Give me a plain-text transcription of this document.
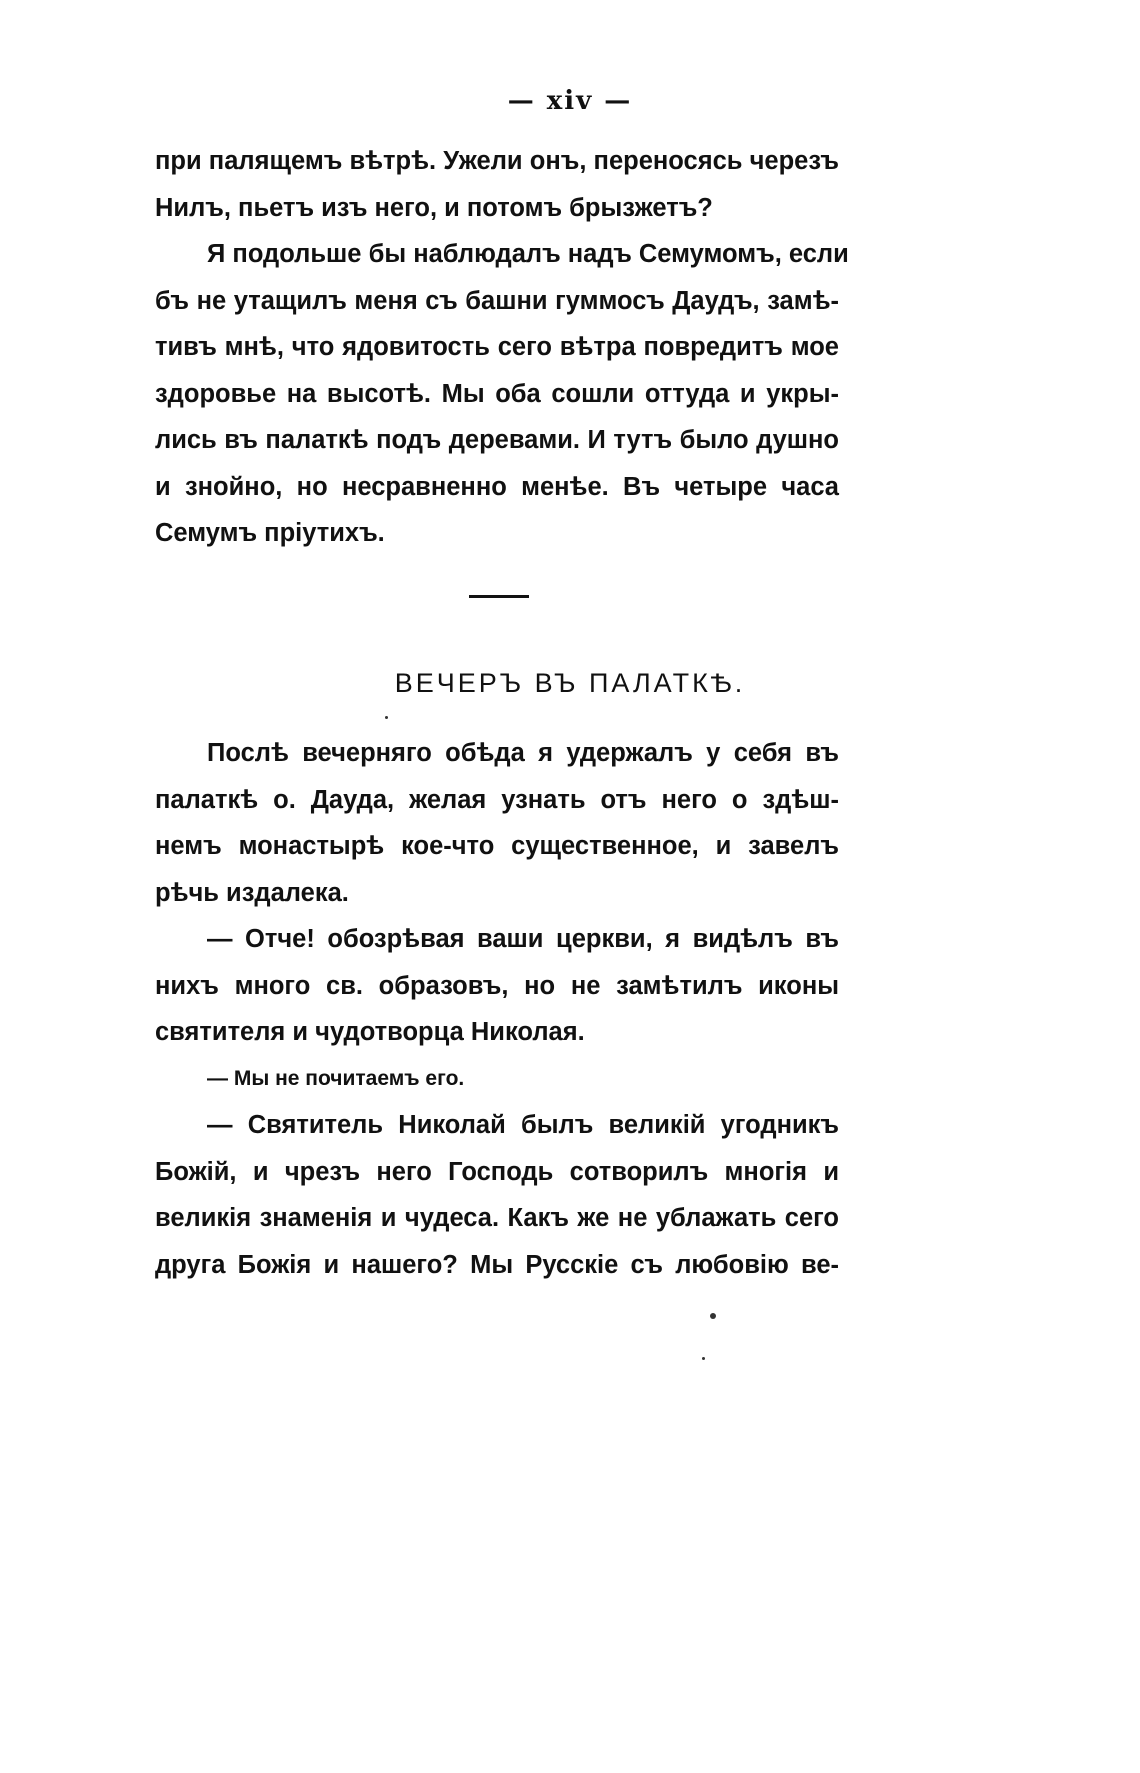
— xiv —

при палящемъ вѣтрѣ. Ужели онъ, переносясь черезъ
Нилъ, пьетъ изъ него, и потомъ брызжетъ?

Я подольше бы наблюдалъ надъ Семумомъ, если
бъ не утащилъ меня съ башни гуммосъ Даудъ, замѣ-
тивъ мнѣ, что ядовитость сего вѣтра повредитъ мое
здоровье на высотѣ. Мы оба сошли оттуда и укры-
лись въ палаткѣ подъ деревами. И тутъ было душно
и знойно, но несравненно менѣе. Въ четыре часа
Семумъ пріутихъ.

ВЕЧЕРЪ ВЪ ПАЛАТКѢ.

Послѣ вечерняго обѣда я удержалъ у себя въ
палаткѣ о. Дауда, желая узнать отъ него о здѣш-
немъ монастырѣ кое-что существенное, и завелъ
рѣчь издалека.

— Отче! обозрѣвая ваши церкви, я видѣлъ въ
нихъ много св. образовъ, но не замѣтилъ иконы
святителя и чудотворца Николая.

— Мы не почитаемъ его.

— Святитель Николай былъ великій угодникъ
Божій, и чрезъ него Господь сотворилъ многія и
великія знаменія и чудеса. Какъ же не ублажать сего
друга Божія и нашего? Мы Русскіе съ любовію ве-
